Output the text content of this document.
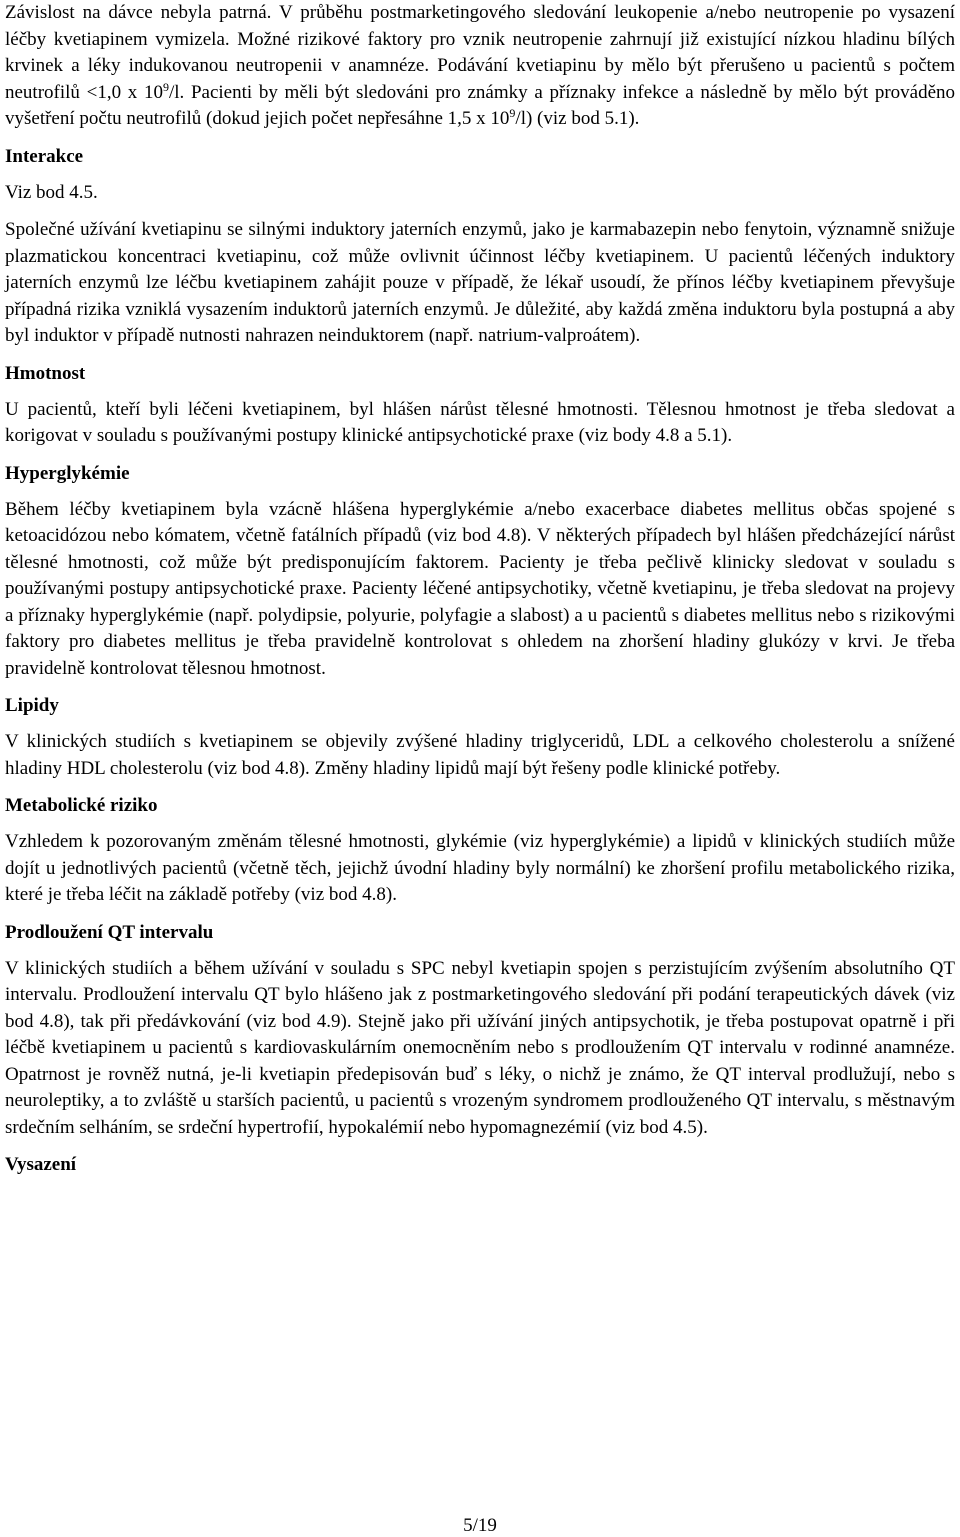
Závislost na dávce nebyla patrná. V průběhu postmarketingového sledování leukopenie a/nebo neutropenie po vysazení léčby kvetiapinem vymizela. Možné rizikové faktory pro vznik neutropenie zahrnují již existující nízkou hladinu bílých krvinek a léky indukovanou neutropenii v anamnéze. Podávání kvetiapinu by mělo být přerušeno u pacientů s počtem neutrofilů <1,0 x $10^9/l$. Pacienti by měli být sledováni pro známky a příznaky infekce a následně by mělo být prováděno vyšetření počtu neutrofilů (dokud jejich počet nepřesáhne 1,5 x $10^9/l$) (viz bod 5.1).

Interakce

Viz bod 4.5.

Společné užívání kvetiapinu se silnými induktory jaterních enzymů, jako je karmabazepin nebo fenytoin, významně snižuje plazmatickou koncentraci kvetiapinu, což může ovlivnit účinnost léčby kvetiapinem. U pacientů léčených induktory jaterních enzymů lze léčbu kvetiapinem zahájit pouze v případě, že lékař usoudí, že přínos léčby kvetiapinem převyšuje případná rizika vzniklá vysazením induktorů jaterních enzymů. Je důležité, aby každá změna induktoru byla postupná a aby byl induktor v případě nutnosti nahrazen neinduktorem (např. natrium-valproátem).

Hmotnost

U pacientů, kteří byli léčeni kvetiapinem, byl hlášen nárůst tělesné hmotnosti. Tělesnou hmotnost je třeba sledovat a korigovat v souladu s používanými postupy klinické antipsychotické praxe (viz body 4.8 a 5.1).

Hyperglykémie

Během léčby kvetiapinem byla vzácně hlášena hyperglykémie a/nebo exacerbace diabetes mellitus občas spojené s ketoacidózou nebo kómatem, včetně fatálních případů (viz bod 4.8). V některých případech byl hlášen předcházející nárůst tělesné hmotnosti, což může být predisponujícím faktorem. Pacienty je třeba pečlivě klinicky sledovat v souladu s používanými postupy antipsychotické praxe. Pacienty léčené antipsychotiky, včetně kvetiapinu, je třeba sledovat na projevy a příznaky hyperglykémie (např. polydipsie, polyurie, polyfagie a slabost) a u pacientů s diabetes mellitus nebo s rizikovými faktory pro diabetes mellitus je třeba pravidelně kontrolovat s ohledem na zhoršení hladiny glukózy v krvi. Je třeba pravidelně kontrolovat tělesnou hmotnost.

Lipidy

V klinických studiích s kvetiapinem se objevily zvýšené hladiny triglyceridů, LDL a celkového cholesterolu a snížené hladiny HDL cholesterolu (viz bod 4.8). Změny hladiny lipidů mají být řešeny podle klinické potřeby.

Metabolické riziko

Vzhledem k pozorovaným změnám tělesné hmotnosti, glykémie (viz hyperglykémie) a lipidů v klinických studiích může dojít u jednotlivých pacientů (včetně těch, jejichž úvodní hladiny byly normální) ke zhoršení profilu metabolického rizika, které je třeba léčit na základě potřeby (viz bod 4.8).

Prodloužení QT intervalu

V klinických studiích a během užívání v souladu s SPC nebyl kvetiapin spojen s perzistujícím zvýšením absolutního QT intervalu. Prodloužení intervalu QT bylo hlášeno jak z postmarketingového sledování při podání terapeutických dávek (viz bod 4.8), tak při předávkování (viz bod 4.9). Stejně jako při užívání jiných antipsychotik, je třeba postupovat opatrně i při léčbě kvetiapinem u pacientů s kardiovaskulárním onemocněním nebo s prodloužením QT intervalu v rodinné anamnéze. Opatrnost je rovněž nutná, je-li kvetiapin předepisován buď s léky, o nichž je známo, že QT interval prodlužují, nebo s neuroleptiky, a to zvláště u starších pacientů, u pacientů s vrozeným syndromem prodlouženého QT intervalu, s městnavým srdečním selháním, se srdeční hypertrofií, hypokalémií nebo hypomagnezémií (viz bod 4.5).

Vysazení
5/19
